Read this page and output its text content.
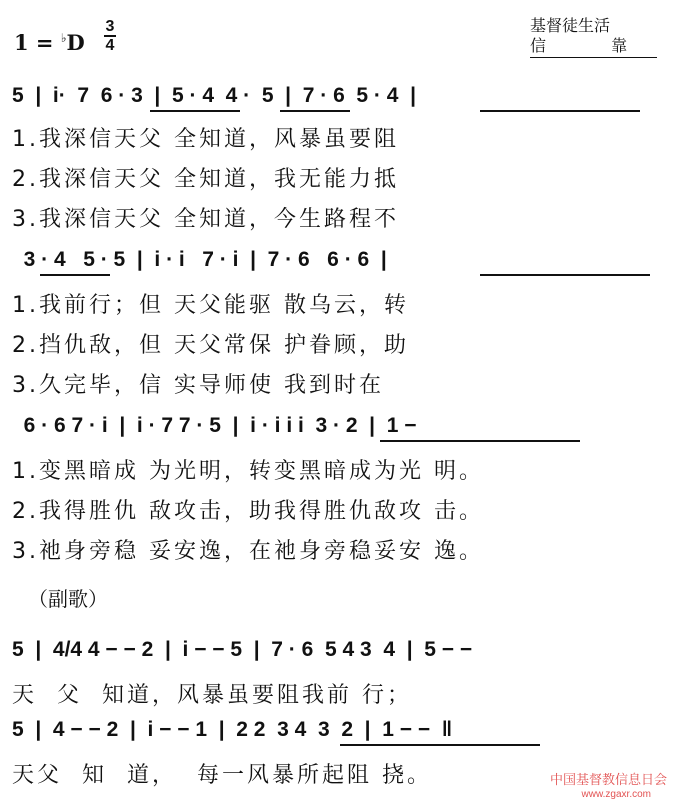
1 = ♭D
3
4
基督徒生活
信 靠
5  |  i·  7  6 · 3  |  5 · 4  4 ·  5  |  7 · 6  5 · 4  |
1.我深信天父 全知道，风暴虽要阻
2.我深信天父 全知道，我无能力抵
3.我深信天父 全知道，今生路程不
3 · 4   5 · 5  |  i · i   7 · i  |  7 · 6   6 · 6  |
1.我前行；但 天父能驱 散乌云，转
2.挡仇敌，但 天父常保 护眷顾，助
3.久完毕，信 实导师使 我到时在
6 · 6 7 · i  |  i · 7 7 · 5  |  i · i i i  3 · 2  |  1 −
1.变黑暗成 为光明，转变黑暗成为光 明。
2.我得胜仇 敌攻击，助我得胜仇敌攻 击。
3.祂身旁稳 妥安逸，在祂身旁稳妥安 逸。
（副歌）
5  |  4/4 4 − − 2  |  i − − 5  |  7 · 6  5 4 3  4  |  5 − −
天  父  知道，风暴虽要阻我前 行；
5  |  4 − − 2  |  i − − 1  |  2 2  3 4  3  2  |  1 − −  ‖
天父  知  道，  每一风暴所起阻 挠。	中国基督教信息日会
www.zgaxr.com
